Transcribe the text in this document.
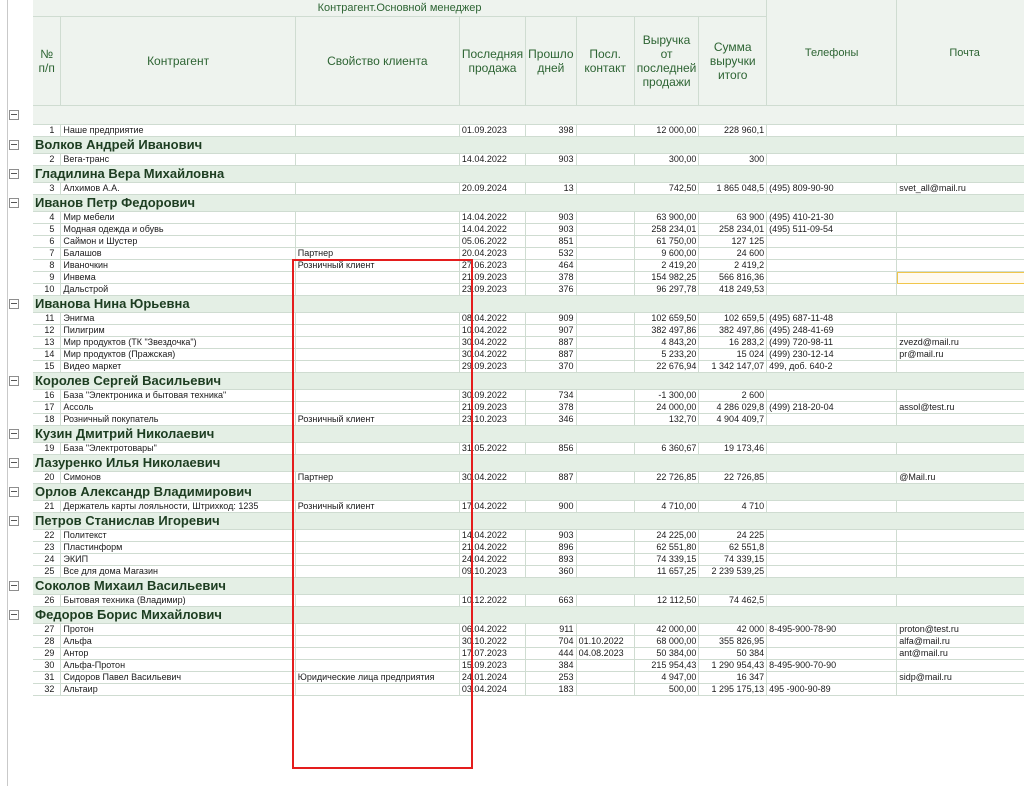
Контрагент.Основной менеджер								Телефоны	Почта
№ п/п	Контрагент	Свойство клиента	Последняя продажа	Прошло дней	Посл. контакт	Выручка от последней продажи	Сумма выручки итого		

1	Наше предприятие		01.09.2023	398		12 000,00	228 960,1		
Волков Андрей Иванович									
2	Вега-транс		14.04.2022	903		300,00	300		
Гладилина Вера Михайловна									
3	Алхимов А.А.		20.09.2024	13		742,50	1 865 048,5	(495) 809-90-90	svet_all@mail.ru
Иванов Петр Федорович									
4	Мир мебели		14.04.2022	903		63 900,00	63 900	(495) 410-21-30	
5	Модная одежда и обувь		14.04.2022	903		258 234,01	258 234,01	(495) 511-09-54	
6	Саймон и Шустер		05.06.2022	851		61 750,00	127 125		
7	Балашов	Партнер	20.04.2023	532		9 600,00	24 600		
8	Иваночкин	Розничный клиент	27.06.2023	464		2 419,20	2 419,2		
9	Инвема		21.09.2023	378		154 982,25	566 816,36		
10	Дальстрой		23.09.2023	376		96 297,78	418 249,53		
Иванова Нина Юрьевна									
11	Энигма		08.04.2022	909		102 659,50	102 659,5	(495) 687-11-48	
12	Пилигрим		10.04.2022	907		382 497,86	382 497,86	(495) 248-41-69	
13	Мир продуктов (ТК "Звездочка")		30.04.2022	887		4 843,20	16 283,2	(499) 720-98-11	zvezd@mail.ru
14	Мир продуктов (Пражская)		30.04.2022	887		5 233,20	15 024	(499) 230-12-14	pr@mail.ru
15	Видео маркет		29.09.2023	370		22 676,94	1 342 147,07	499, доб. 640-2	
Королев Сергей Васильевич									
16	База "Электроника и бытовая техника"		30.09.2022	734		-1 300,00	2 600		
17	Ассоль		21.09.2023	378		24 000,00	4 286 029,8	(499) 218-20-04	assol@test.ru
18	Розничный покупатель	Розничный клиент	23.10.2023	346		132,70	4 904 409,7		
Кузин Дмитрий Николаевич									
19	База "Электротовары"		31.05.2022	856		6 360,67	19 173,46		
Лазуренко Илья Николаевич									
20	Симонов	Партнер	30.04.2022	887		22 726,85	22 726,85		@Mail.ru
Орлов Александр Владимирович									
21	Держатель карты лояльности, Штрихкод: 1235	Розничный клиент	17.04.2022	900		4 710,00	4 710		
Петров Станислав Игоревич									
22	Политекст		14.04.2022	903		24 225,00	24 225		
23	Пластинформ		21.04.2022	896		62 551,80	62 551,8		
24	ЭКИП		24.04.2022	893		74 339,15	74 339,15		
25	Все для дома Магазин		09.10.2023	360		11 657,25	2 239 539,25		
Соколов Михаил Васильевич									
26	Бытовая техника (Владимир)		10.12.2022	663		12 112,50	74 462,5		
Федоров Борис Михайлович									
27	Протон		06.04.2022	911		42 000,00	42 000	8-495-900-78-90	proton@test.ru
28	Альфа		30.10.2022	704	01.10.2022	68 000,00	355 826,95		alfa@mail.ru
29	Антор		17.07.2023	444	04.08.2023	50 384,00	50 384		ant@mail.ru
30	Альфа-Протон		15.09.2023	384		215 954,43	1 290 954,43	8-495-900-70-90	
31	Сидоров Павел Васильевич	Юридические лица предприятия	24.01.2024	253		4 947,00	16 347		sidp@mail.ru
32	Альтаир		03.04.2024	183		500,00	1 295 175,13	495 -900-90-89	
